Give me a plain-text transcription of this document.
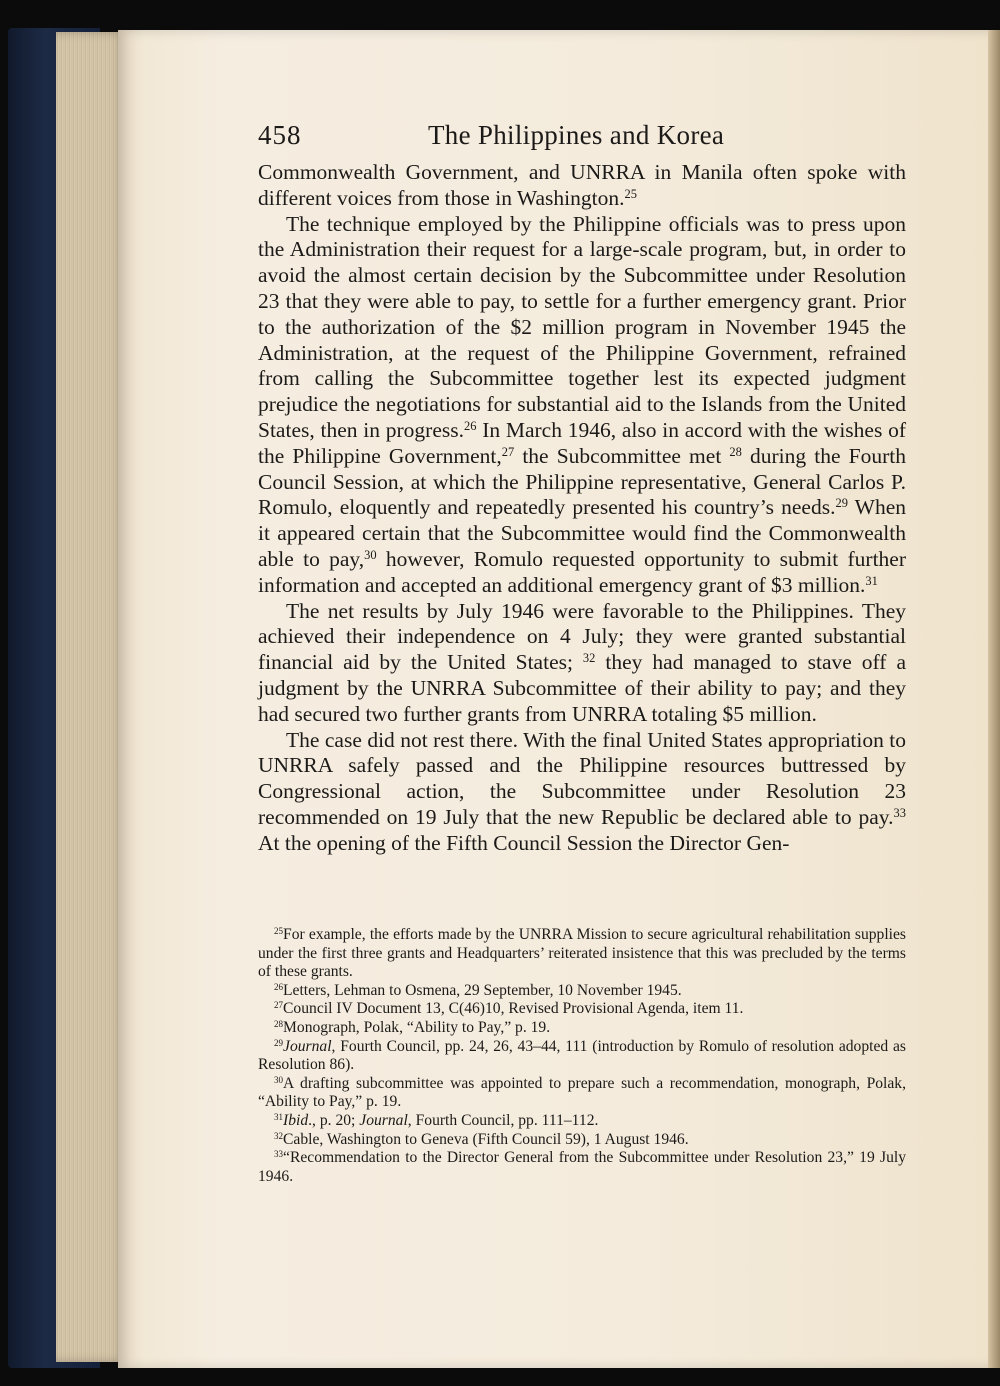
458	The Philippines and Korea

Commonwealth Government, and UNRRA in Manila often spoke with different voices from those in Washington.$^{25}$

The technique employed by the Philippine officials was to press upon the Administration their request for a large-scale program, but, in order to avoid the almost certain decision by the Subcommittee under Resolution 23 that they were able to pay, to settle for a further emergency grant. Prior to the authorization of the $2 million program in November 1945 the Administration, at the request of the Philippine Government, refrained from calling the Subcommittee together lest its expected judgment prejudice the negotiations for substantial aid to the Islands from the United States, then in progress.$^{26}$ In March 1946, also in accord with the wishes of the Philippine Government,$^{27}$ the Subcommittee met $^{28}$ during the Fourth Council Session, at which the Philippine representative, General Carlos P. Romulo, eloquently and repeatedly presented his country’s needs.$^{29}$ When it appeared certain that the Subcommittee would find the Commonwealth able to pay,$^{30}$ however, Romulo requested opportunity to submit further information and accepted an additional emergency grant of $3 million.$^{31}$

The net results by July 1946 were favorable to the Philippines. They achieved their independence on 4 July; they were granted substantial financial aid by the United States; $^{32}$ they had managed to stave off a judgment by the UNRRA Subcommittee of their ability to pay; and they had secured two further grants from UNRRA totaling $5 million.

The case did not rest there. With the final United States appropriation to UNRRA safely passed and the Philippine resources buttressed by Congressional action, the Subcommittee under Resolution 23 recommended on 19 July that the new Republic be declared able to pay.$^{33}$ At the opening of the Fifth Council Session the Director Gen-

$^{25}$For example, the efforts made by the UNRRA Mission to secure agricultural rehabilitation supplies under the first three grants and Headquarters’ reiterated insistence that this was precluded by the terms of these grants.

$^{26}$Letters, Lehman to Osmena, 29 September, 10 November 1945.

$^{27}$Council IV Document 13, C(46)10, Revised Provisional Agenda, item 11.

$^{28}$Monograph, Polak, “Ability to Pay,” p. 19.

$^{29}$Journal, Fourth Council, pp. 24, 26, 43–44, 111 (introduction by Romulo of resolution adopted as Resolution 86).

$^{30}$A drafting subcommittee was appointed to prepare such a recommendation, monograph, Polak, “Ability to Pay,” p. 19.

$^{31}$Ibid., p. 20; Journal, Fourth Council, pp. 111–112.

$^{32}$Cable, Washington to Geneva (Fifth Council 59), 1 August 1946.

$^{33}$“Recommendation to the Director General from the Subcommittee under Resolution 23,” 19 July 1946.
